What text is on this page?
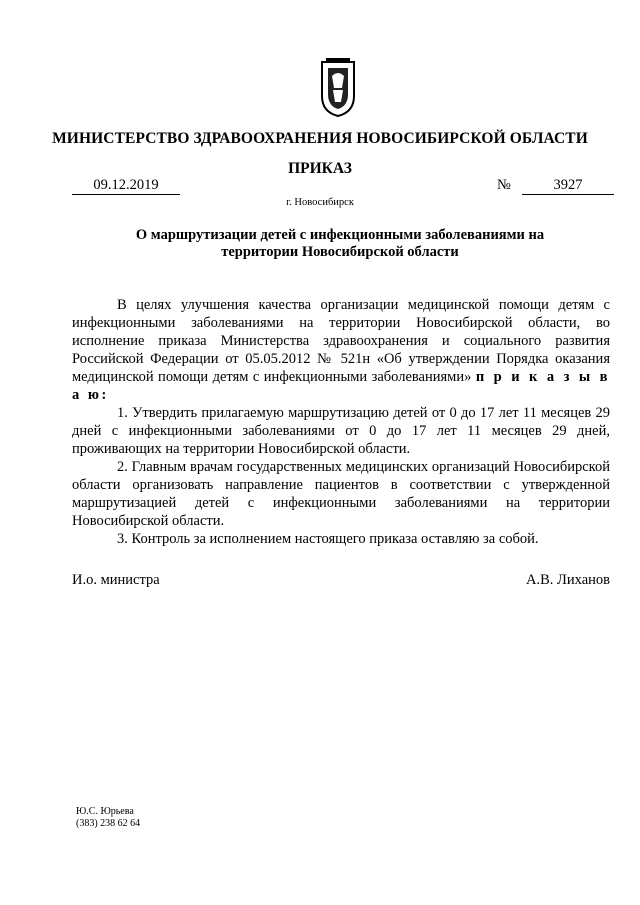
МИНИСТЕРСТВО ЗДРАВООХРАНЕНИЯ НОВОСИБИРСКОЙ ОБЛАСТИ
ПРИКАЗ
09.12.2019	№	3927
г. Новосибирск
О маршрутизации детей с инфекционными заболеваниями на территории Новосибирской области

В целях улучшения качества организации медицинской помощи детям с инфекционными заболеваниями на территории Новосибирской области, во исполнение приказа Министерства здравоохранения и социального развития Российской Федерации от 05.05.2012 № 521н «Об утверждении Порядка оказания медицинской помощи детям с инфекционными заболеваниями» п р и к а з ы в а ю:

1. Утвердить прилагаемую маршрутизацию детей от 0 до 17 лет 11 месяцев 29 дней с инфекционными заболеваниями от 0 до 17 лет 11 месяцев 29 дней, проживающих на территории Новосибирской области.

2. Главным врачам государственных медицинских организаций Новосибирской области организовать направление пациентов в соответствии с утвержденной маршрутизацией детей с инфекционными заболеваниями на территории Новосибирской области.

3. Контроль за исполнением настоящего приказа оставляю за собой.

И.о. министра	А.В. Лиханов
Ю.С. Юрьева
(383) 238 62 64
